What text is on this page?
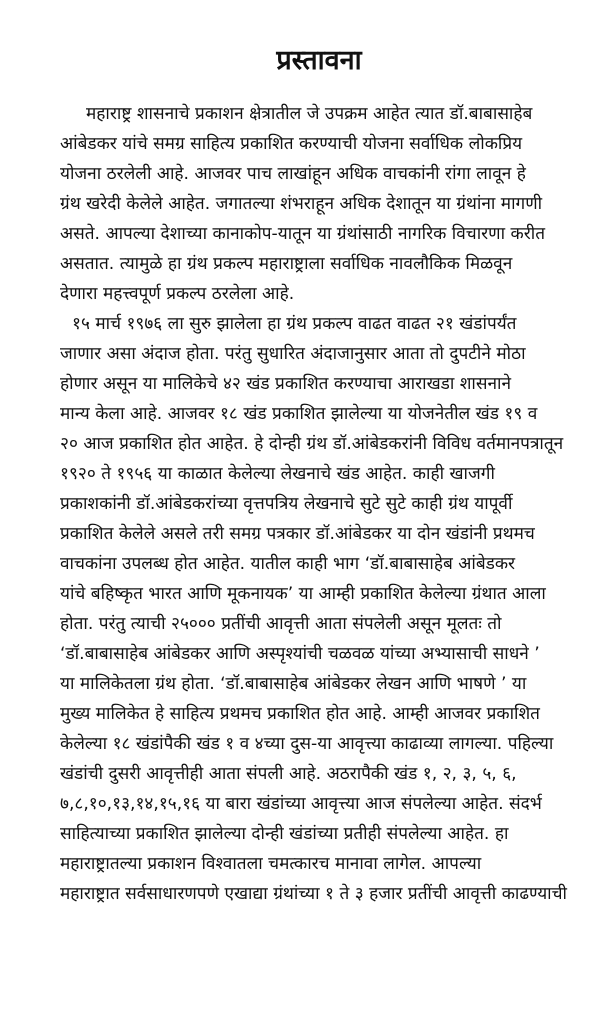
प्रस्तावना
महाराष्ट्र शासनाचे प्रकाशन क्षेत्रातील जे उपक्रम आहेत त्यात डॉ.बाबासाहेब
आंबेडकर यांचे समग्र साहित्य प्रकाशित करण्याची योजना सर्वाधिक लोकप्रिय
योजना ठरलेली आहे. आजवर पाच लाखांहून अधिक वाचकांनी रांगा लावून हे
ग्रंथ खरेदी केलेले आहेत. जगातल्या शंभराहून अधिक देशातून या ग्रंथांना मागणी
असते. आपल्या देशाच्या कानाकोप-यातून या ग्रंथांसाठी नागरिक विचारणा करीत
असतात. त्यामुळे हा ग्रंथ प्रकल्प महाराष्ट्राला सर्वाधिक नावलौकिक मिळवून
देणारा महत्त्वपूर्ण प्रकल्प ठरलेला आहे.
१५ मार्च १९७६ ला सुरु झालेला हा ग्रंथ प्रकल्प वाढत वाढत २१ खंडांपर्यंत
जाणार असा अंदाज होता. परंतु सुधारित अंदाजानुसार आता तो दुपटीने मोठा
होणार असून या मालिकेचे ४२ खंड प्रकाशित करण्याचा आराखडा शासनाने
मान्य केला आहे. आजवर १८ खंड प्रकाशित झालेल्या या योजनेतील खंड १९ व
२० आज प्रकाशित होत आहेत. हे दोन्ही ग्रंथ डॉ.आंबेडकरांनी विविध वर्तमानपत्रातून
१९२० ते १९५६ या काळात केलेल्या लेखनाचे खंड आहेत. काही खाजगी
प्रकाशकांनी डॉ.आंबेडकरांच्या वृत्तपत्रिय लेखनाचे सुटे सुटे काही ग्रंथ यापूर्वी
प्रकाशित केलेले असले तरी समग्र पत्रकार डॉ.आंबेडकर या दोन खंडांनी प्रथमच
वाचकांना उपलब्ध होत आहेत. यातील काही भाग ‘डॉ.बाबासाहेब आंबेडकर
यांचे बहिष्कृत भारत आणि मूकनायक’ या आम्ही प्रकाशित केलेल्या ग्रंथात आला
होता. परंतु त्याची २५००० प्रतींची आवृत्ती आता संपलेली असून मूलतः तो
‘डॉ.बाबासाहेब आंबेडकर आणि अस्पृश्यांची चळवळ यांच्या अभ्यासाची साधने ’
या मालिकेतला ग्रंथ होता. ‘डॉ.बाबासाहेब आंबेडकर लेखन आणि भाषणे ’ या
मुख्य मालिकेत हे साहित्य प्रथमच प्रकाशित होत आहे. आम्ही आजवर प्रकाशित
केलेल्या १८ खंडांपैकी खंड १ व ४च्या दुस-या आवृत्त्या काढाव्या लागल्या. पहिल्या
खंडांची दुसरी आवृत्तीही आता संपली आहे. अठरापैकी खंड १, २, ३, ५, ६,
७,८,१०,१३,१४,१५,१६ या बारा खंडांच्या आवृत्त्या आज संपलेल्या आहेत. संदर्भ
साहित्याच्या प्रकाशित झालेल्या दोन्ही खंडांच्या प्रतीही संपलेल्या आहेत. हा
महाराष्ट्रातल्या प्रकाशन विश्वातला चमत्कारच मानावा लागेल. आपल्या
महाराष्ट्रात सर्वसाधारणपणे एखाद्या ग्रंथांच्या १ ते ३ हजार प्रतींची आवृत्ती काढण्याची
